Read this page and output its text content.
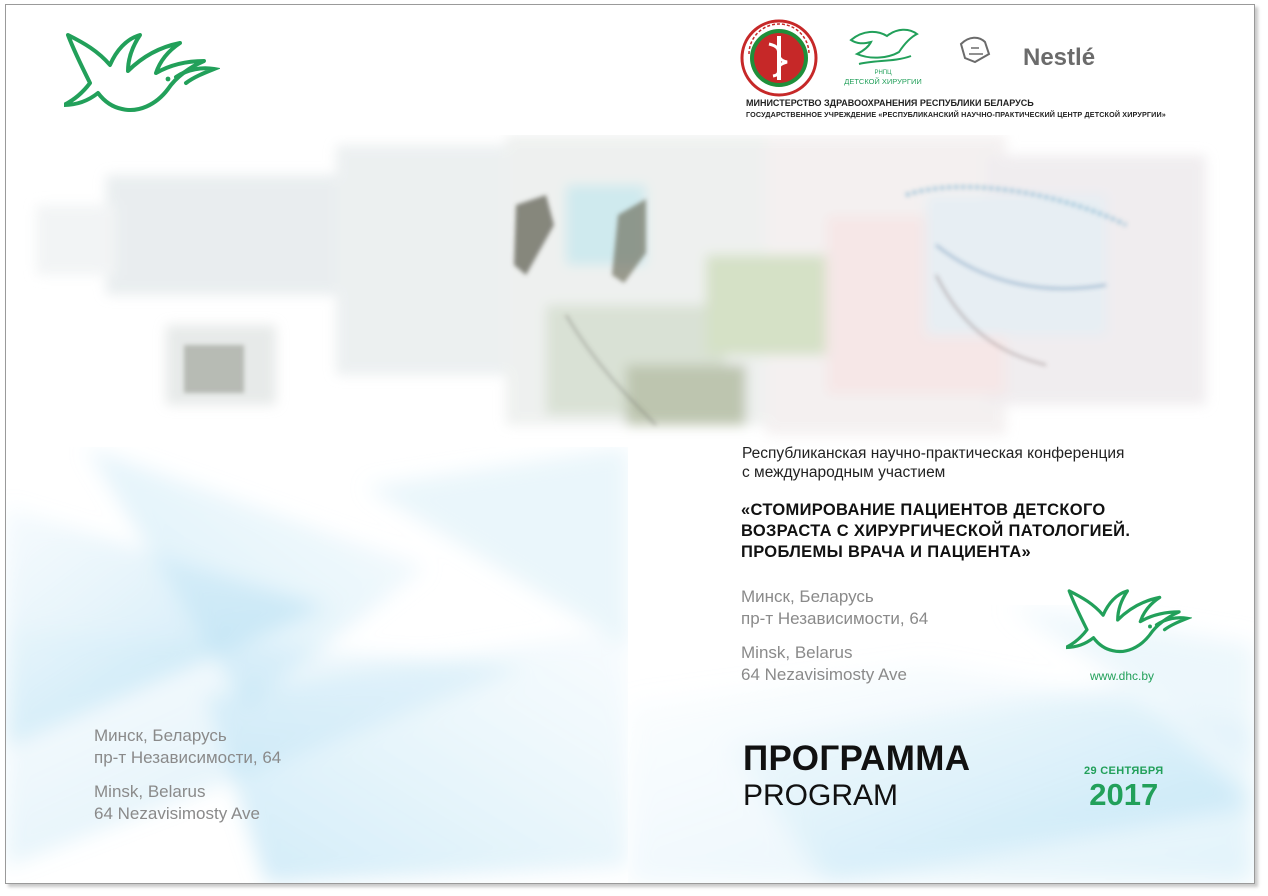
РНПЦ
ДЕТСКОЙ ХИРУРГИИ
Nestlé
МИНИСТЕРСТВО ЗДРАВООХРАНЕНИЯ РЕСПУБЛИКИ БЕЛАРУСЬ
ГОСУДАРСТВЕННОЕ УЧРЕЖДЕНИЕ «РЕСПУБЛИКАНСКИЙ НАУЧНО-ПРАКТИЧЕСКИЙ ЦЕНТР ДЕТСКОЙ ХИРУРГИИ»
Республиканская научно-практическая конференция
с международным участием
«СТОМИРОВАНИЕ ПАЦИЕНТОВ ДЕТСКОГО
ВОЗРАСТА С ХИРУРГИЧЕСКОЙ ПАТОЛОГИЕЙ.
ПРОБЛЕМЫ ВРАЧА И ПАЦИЕНТА»
Минск, Беларусь
пр-т Независимости, 64
Minsk, Belarus
64 Nezavisimosty Ave	www.dhc.by
Минск, Беларусь
пр-т Независимости, 64
Minsk, Belarus
64 Nezavisimosty Ave
ПРОГРАММА
PROGRAM
29 СЕНТЯБРЯ
2017
